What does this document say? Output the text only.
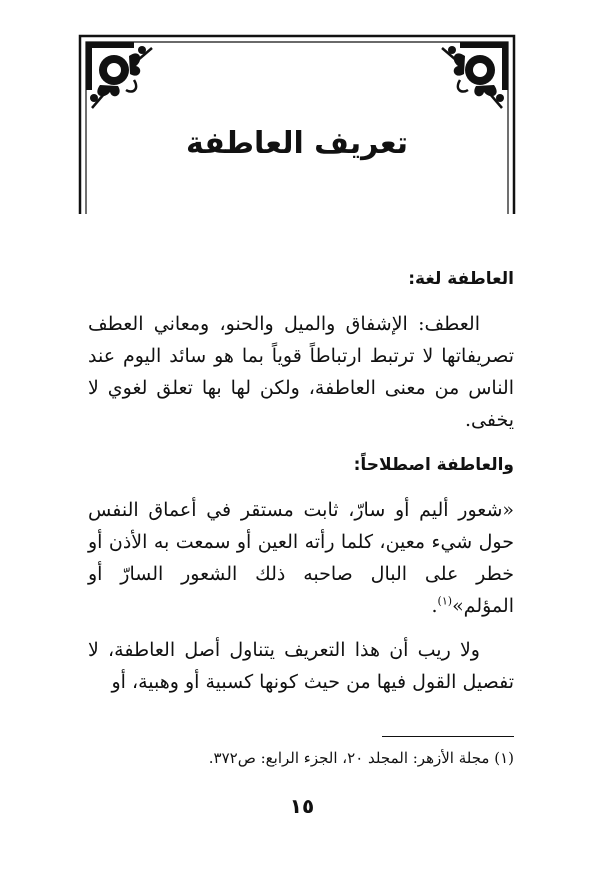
تعريف العاطفة
العاطفة لغة:

العطف: الإشفاق والميل والحنو، ومعاني العطف تصريفاتها لا ترتبط ارتباطاً قوياً بما هو سائد اليوم عند الناس من معنى العاطفة، ولكن لها بها تعلق لغوي لا يخفى.

والعاطفة اصطلاحاً:

«شعور أليم أو سارّ، ثابت مستقر في أعماق النفس حول شيء معين، كلما رأته العين أو سمعت به الأذن أو خطر على البال صاحبه ذلك الشعور السارّ أو المؤلم»$^{(١)}$.

ولا ريب أن هذا التعريف يتناول أصل العاطفة، لا تفصيل القول فيها من حيث كونها كسبية أو وهبية، أو

(١) مجلة الأزهر: المجلد ٢٠، الجزء الرابع: ص٣٧٢.

١٥
